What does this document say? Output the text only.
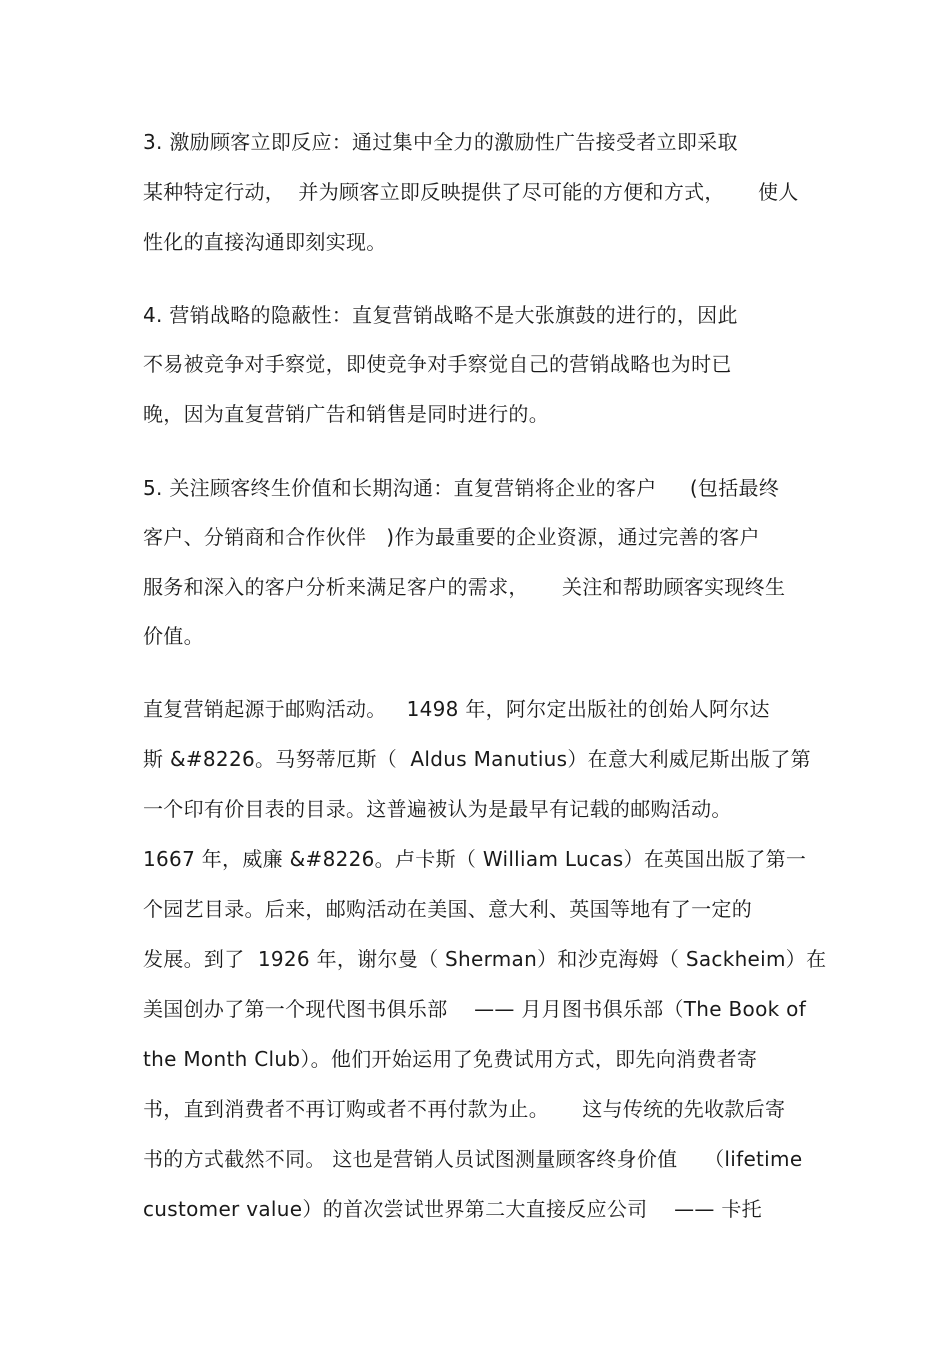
3. 激励顾客立即反应：通过集中全力的激励性广告接受者立即采取
某种特定行动，  并为顾客立即反映提供了尽可能的方便和方式，     使人
性化的直接沟通即刻实现。
4. 营销战略的隐蔽性：直复营销战略不是大张旗鼓的进行的，因此
不易被竞争对手察觉，即使竞争对手察觉自己的营销战略也为时已
晚，因为直复营销广告和销售是同时进行的。
5. 关注顾客终生价值和长期沟通：直复营销将企业的客户     (包括最终
客户、分销商和合作伙伴   )作为最重要的企业资源，通过完善的客户
服务和深入的客户分析来满足客户的需求，     关注和帮助顾客实现终生
价值。
直复营销起源于邮购活动。   1498 年，阿尔定出版社的创始人阿尔达
斯 &#8226。马努蒂厄斯（  Aldus Manutius）在意大利威尼斯出版了第
一个印有价目表的目录。这普遍被认为是最早有记载的邮购活动。
1667 年，威廉 &#8226。卢卡斯（ William Lucas）在英国出版了第一
个园艺目录。后来，邮购活动在美国、意大利、英国等地有了一定的
发展。到了  1926 年，谢尔曼（ Sherman）和沙克海姆（ Sackheim）在
美国创办了第一个现代图书俱乐部    —— 月月图书俱乐部（The Book of
the Month Club）。他们开始运用了免费试用方式，即先向消费者寄
书，直到消费者不再订购或者不再付款为止。     这与传统的先收款后寄
书的方式截然不同。 这也是营销人员试图测量顾客终身价值    （lifetime
customer value）的首次尝试世界第二大直接反应公司    —— 卡托
